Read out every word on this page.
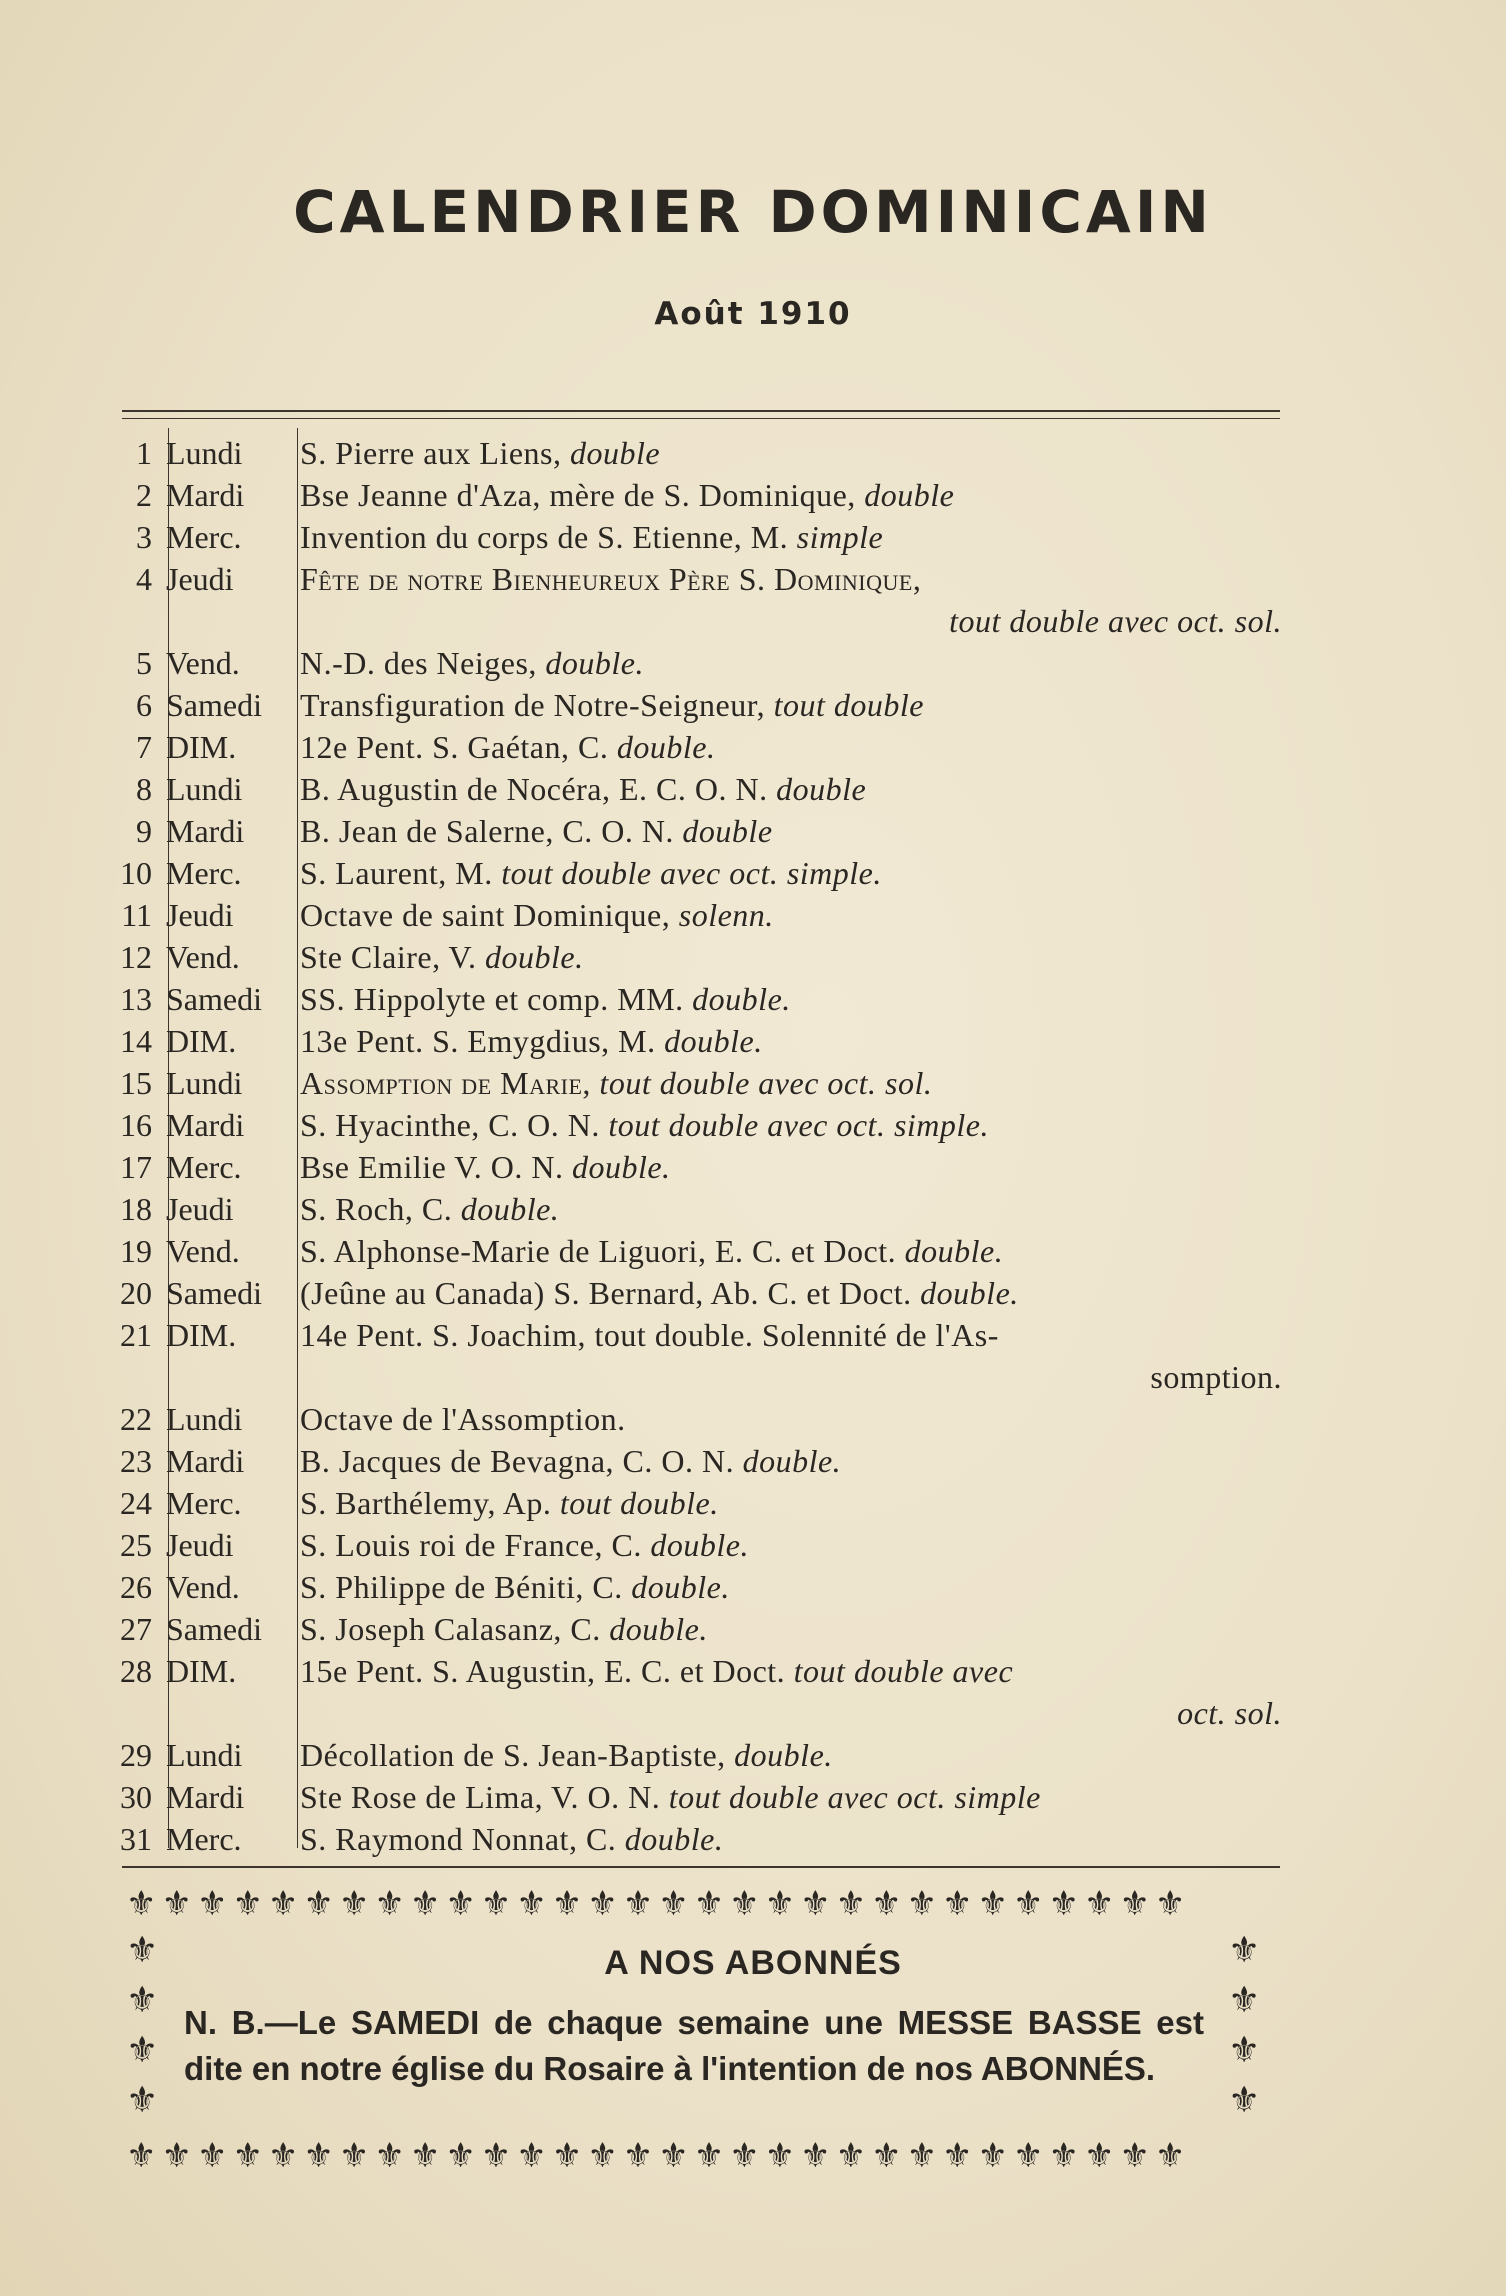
CALENDRIER DOMINICAIN
Août 1910
1 Lundi	S. Pierre aux Liens, double
2 Mardi	Bse Jeanne d'Aza, mère de S. Dominique, double
3 Merc.	Invention du corps de S. Etienne, M. simple
4 Jeudi	Fête de notre Bienheureux Père S. Dominique,
tout double avec oct. sol.
5 Vend.	N.-D. des Neiges, double.
6 Samedi	Transfiguration de Notre-Seigneur, tout double
7 DIM.	12e Pent. S. Gaétan, C. double.
8 Lundi	B. Augustin de Nocéra, E. C. O. N. double
9 Mardi	B. Jean de Salerne, C. O. N. double
10 Merc.	S. Laurent, M. tout double avec oct. simple.
11 Jeudi	Octave de saint Dominique, solenn.
12 Vend.	Ste Claire, V. double.
13 Samedi	SS. Hippolyte et comp. MM. double.
14 DIM.	13e Pent. S. Emygdius, M. double.
15 Lundi	Assomption de Marie, tout double avec oct. sol.
16 Mardi	S. Hyacinthe, C. O. N. tout double avec oct. simple.
17 Merc.	Bse Emilie V. O. N. double.
18 Jeudi	S. Roch, C. double.
19 Vend.	S. Alphonse-Marie de Liguori, E. C. et Doct. double.
20 Samedi	(Jeûne au Canada) S. Bernard, Ab. C. et Doct. double.
21 DIM.	14e Pent. S. Joachim, tout double. Solennité de l'As-
somption.
22 Lundi	Octave de l'Assomption.
23 Mardi	B. Jacques de Bevagna, C. O. N. double.
24 Merc.	S. Barthélemy, Ap. tout double.
25 Jeudi	S. Louis roi de France, C. double.
26 Vend.	S. Philippe de Béniti, C. double.
27 Samedi	S. Joseph Calasanz, C. double.
28 DIM.	15e Pent. S. Augustin, E. C. et Doct. tout double avec
oct. sol.
29 Lundi	Décollation de S. Jean-Baptiste, double.
30 Mardi	Ste Rose de Lima, V. O. N. tout double avec oct. simple
31 Merc.	S. Raymond Nonnat, C. double.
⚜⚜⚜⚜⚜⚜⚜⚜⚜⚜⚜⚜⚜⚜⚜⚜⚜⚜⚜⚜⚜⚜⚜⚜⚜⚜⚜⚜⚜⚜
⚜
⚜
⚜
⚜
⚜
⚜
⚜
⚜
A NOS ABONNÉS
N. B.—Le SAMEDI de chaque semaine une MESSE BASSE est dite en notre église du Rosaire à l'intention de nos ABONNÉS.
⚜⚜⚜⚜⚜⚜⚜⚜⚜⚜⚜⚜⚜⚜⚜⚜⚜⚜⚜⚜⚜⚜⚜⚜⚜⚜⚜⚜⚜⚜
